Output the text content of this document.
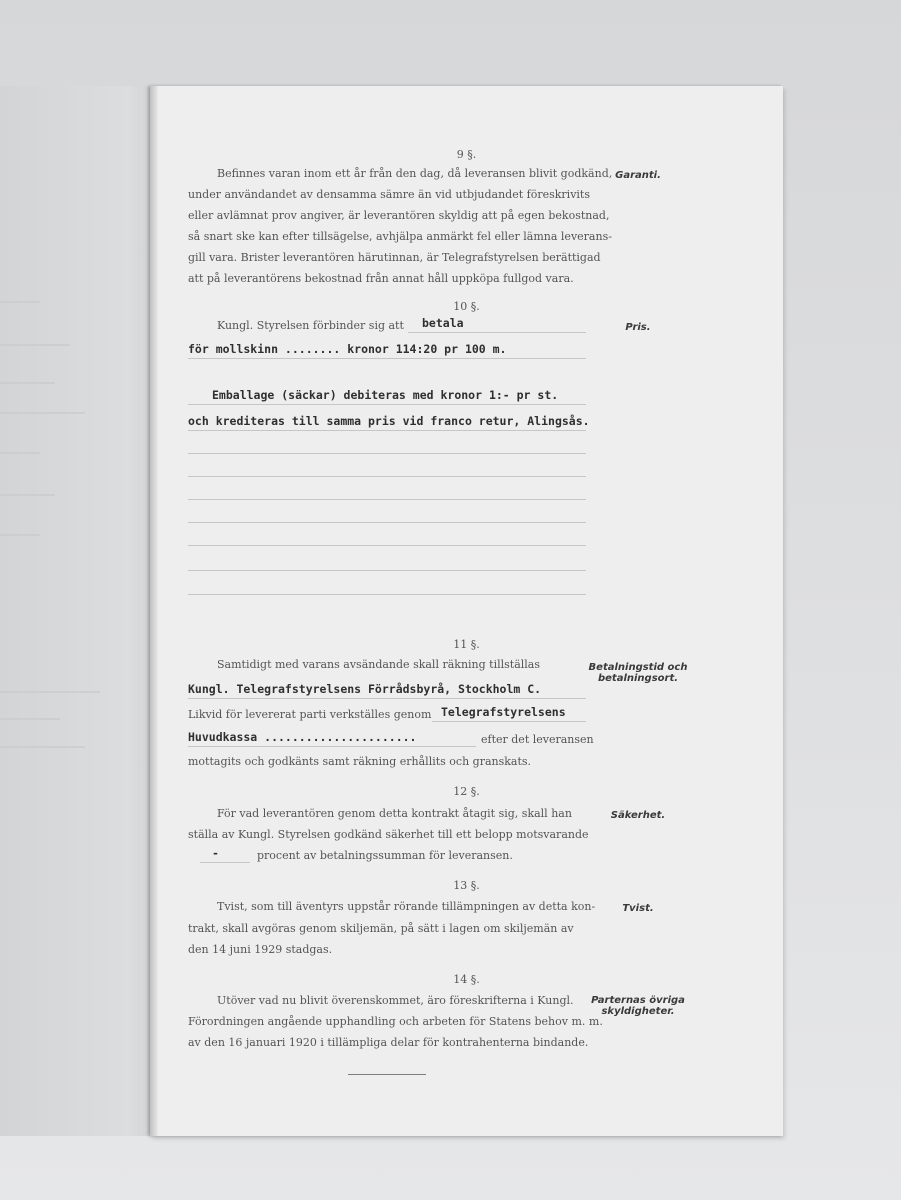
9 §.
Garanti.
Befinnes varan inom ett år från den dag, då leveransen blivit godkänd,
under användandet av densamma sämre än vid utbjudandet föreskrivits
eller avlämnat prov angiver, är leverantören skyldig att på egen bekostnad,
så snart ske kan efter tillsägelse, avhjälpa anmärkt fel eller lämna leverans-
gill vara. Brister leverantören härutinnan, är Telegrafstyrelsen berättigad
att på leverantörens bekostnad från annat håll uppköpa fullgod vara.
10 §.
Pris.
Kungl. Styrelsen förbinder sig att betala
för mollskinn ........ kronor 114:20 pr 100 m.
Emballage (säckar) debiteras med kronor 1:- pr st.
och krediteras till samma pris vid franco retur, Alingsås.
11 §.
Betalningstid och
betalningsort.
Samtidigt med varans avsändande skall räkning tillställas
Kungl. Telegrafstyrelsens Förrådsbyrå, Stockholm C.
Likvid för levererat parti verkställes genom Telegrafstyrelsens
Huvudkassa ......................	efter det leveransen
mottagits och godkänts samt räkning erhållits och granskats.
12 §.
Säkerhet.
För vad leverantören genom detta kontrakt åtagit sig, skall han
ställa av Kungl. Styrelsen godkänd säkerhet till ett belopp motsvarande
-	procent av betalningssumman för leveransen.
13 §.
Tvist.
Tvist, som till äventyrs uppstår rörande tillämpningen av detta kon-
trakt, skall avgöras genom skiljemän, på sätt i lagen om skiljemän av
den 14 juni 1929 stadgas.
14 §.
Parternas övriga
skyldigheter.
Utöver vad nu blivit överenskommet, äro föreskrifterna i Kungl.
Förordningen angående upphandling och arbeten för Statens behov m. m.
av den 16 januari 1920 i tillämpliga delar för kontrahenterna bindande.
